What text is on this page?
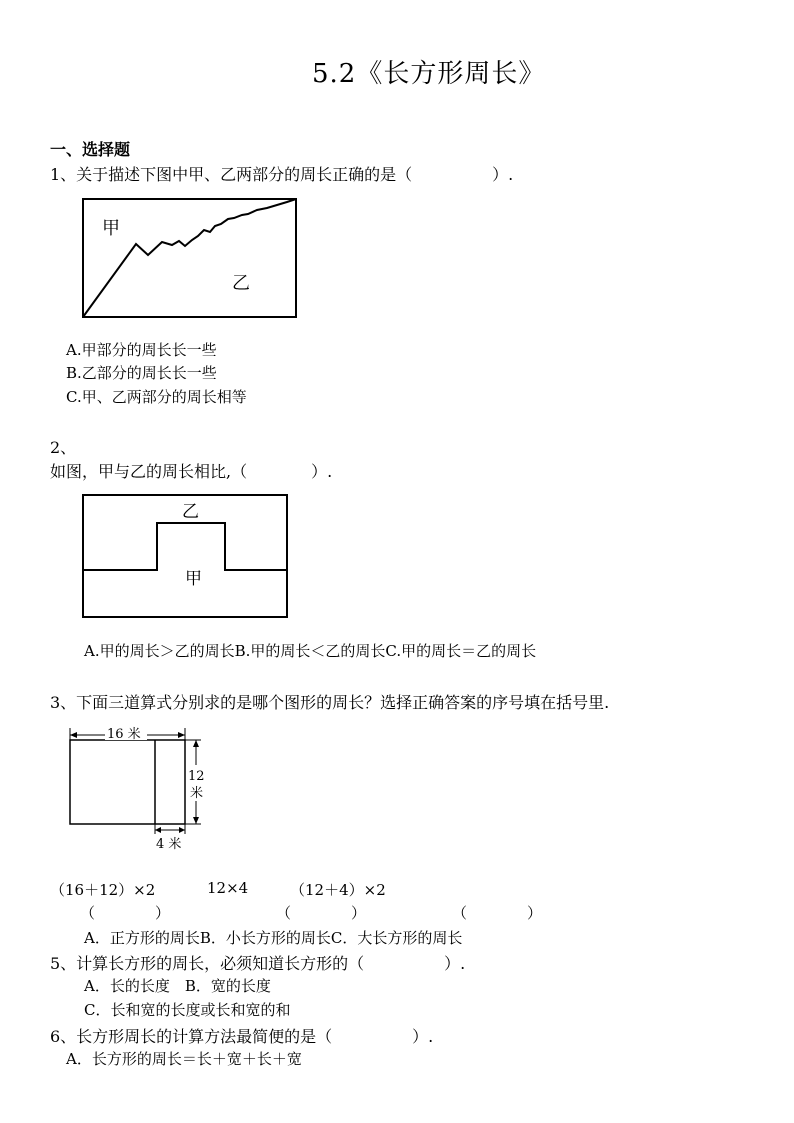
5.2《长方形周长》
一、选择题
1、关于描述下图中甲、乙两部分的周长正确的是（　　　　　）.
甲
乙
A.甲部分的周长长一些
B.乙部分的周长长一些
C.甲、乙两部分的周长相等
2、
如图，甲与乙的周长相比,（　　　　）.
乙
甲
A.甲的周长＞乙的周长B.甲的周长＜乙的周长C.甲的周长＝乙的周长
3、下面三道算式分别求的是哪个图形的周长？选择正确答案的序号填在括号里.
16 米
12
米
4 米
（16＋12）×2	12×4	（12＋4）×2
（　　　　）	（　　　　）	（　　　　）
A．正方形的周长B．小长方形的周长C．大长方形的周长
5、计算长方形的周长，必须知道长方形的（　　　　　）.
A．长的长度　B．宽的长度
C．长和宽的长度或长和宽的和
6、长方形周长的计算方法最简便的是（　　　　　）.
A．长方形的周长＝长＋宽＋长＋宽
